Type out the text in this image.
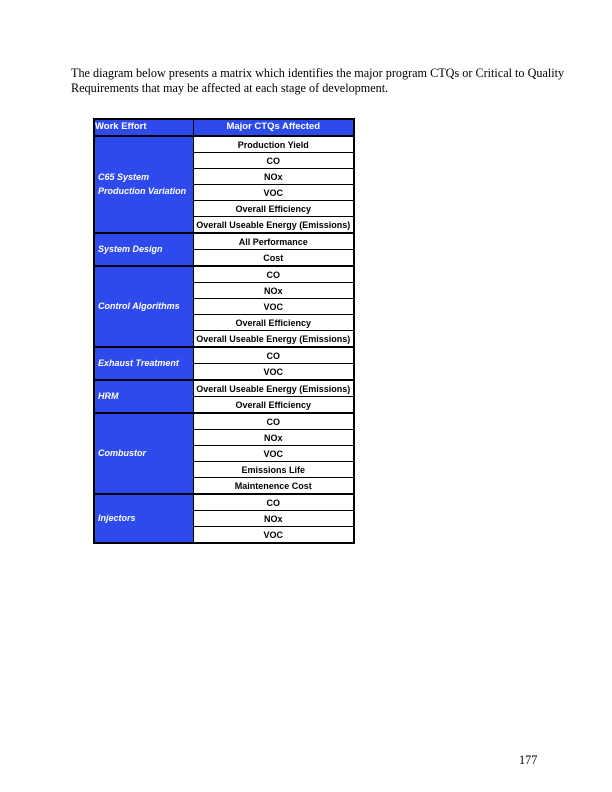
The diagram below presents a matrix which identifies the major program CTQs or Critical to Quality Requirements that may be affected at each stage of development.

Work Effort	Major CTQs Affected
C65 System Production Variation	Production Yield
	CO
	NOx
	VOC
	Overall Efficiency
	Overall Useable Energy (Emissions)
System Design	All Performance
	Cost
Control Algorithms	CO
	NOx
	VOC
	Overall Efficiency
	Overall Useable Energy (Emissions)
Exhaust Treatment	CO
	VOC
HRM	Overall Useable Energy (Emissions)
	Overall Efficiency
Combustor	CO
	NOx
	VOC
	Emissions Life
	Maintenence Cost
Injectors	CO
	NOx
	VOC
177
